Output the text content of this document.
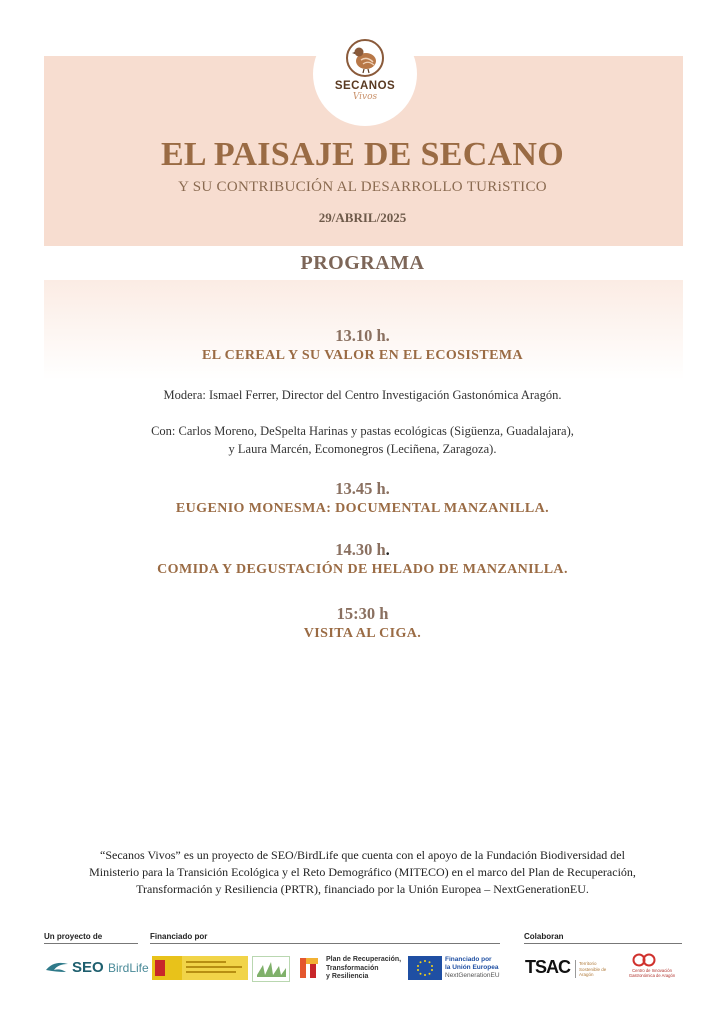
SECANOS
Vivos
EL PAISAJE DE SECANO
Y SU CONTRIBUCIÓN AL DESARROLLO TURiSTICO
29/ABRIL/2025
PROGRAMA
13.10 h.
EL CEREAL Y SU VALOR EN EL ECOSISTEMA
Modera: Ismael Ferrer, Director del Centro Investigación Gastonómica Aragón.
Con: Carlos Moreno, DeSpelta Harinas y pastas ecológicas (Sigüenza, Guadalajara),
y Laura Marcén, Ecomonegros (Leciñena, Zaragoza).
13.45 h.
EUGENIO MONESMA: DOCUMENTAL MANZANILLA.
14.30 h.
COMIDA Y DEGUSTACIÓN DE HELADO DE MANZANILLA.
15:30 h
VISITA AL CIGA.
“Secanos Vivos” es un proyecto de SEO/BirdLife que cuenta con el apoyo de la Fundación Biodiversidad del
Ministerio para la Transición Ecológica y el Reto Demográfico (MITECO) en el marco del Plan de Recuperación,
Transformación y Resiliencia (PRTR), financiado por la Unión Europea – NextGenerationEU.
Un proyecto de	Financiado por	Colaboran
SEO BirdLife
Plan de Recuperación,
Transformación
y Resiliencia
Financiado por
la Unión Europea
NextGenerationEU TSAC Territorio Sostenible de Aragón
Centro de Innovación Gastronómica de Aragón
